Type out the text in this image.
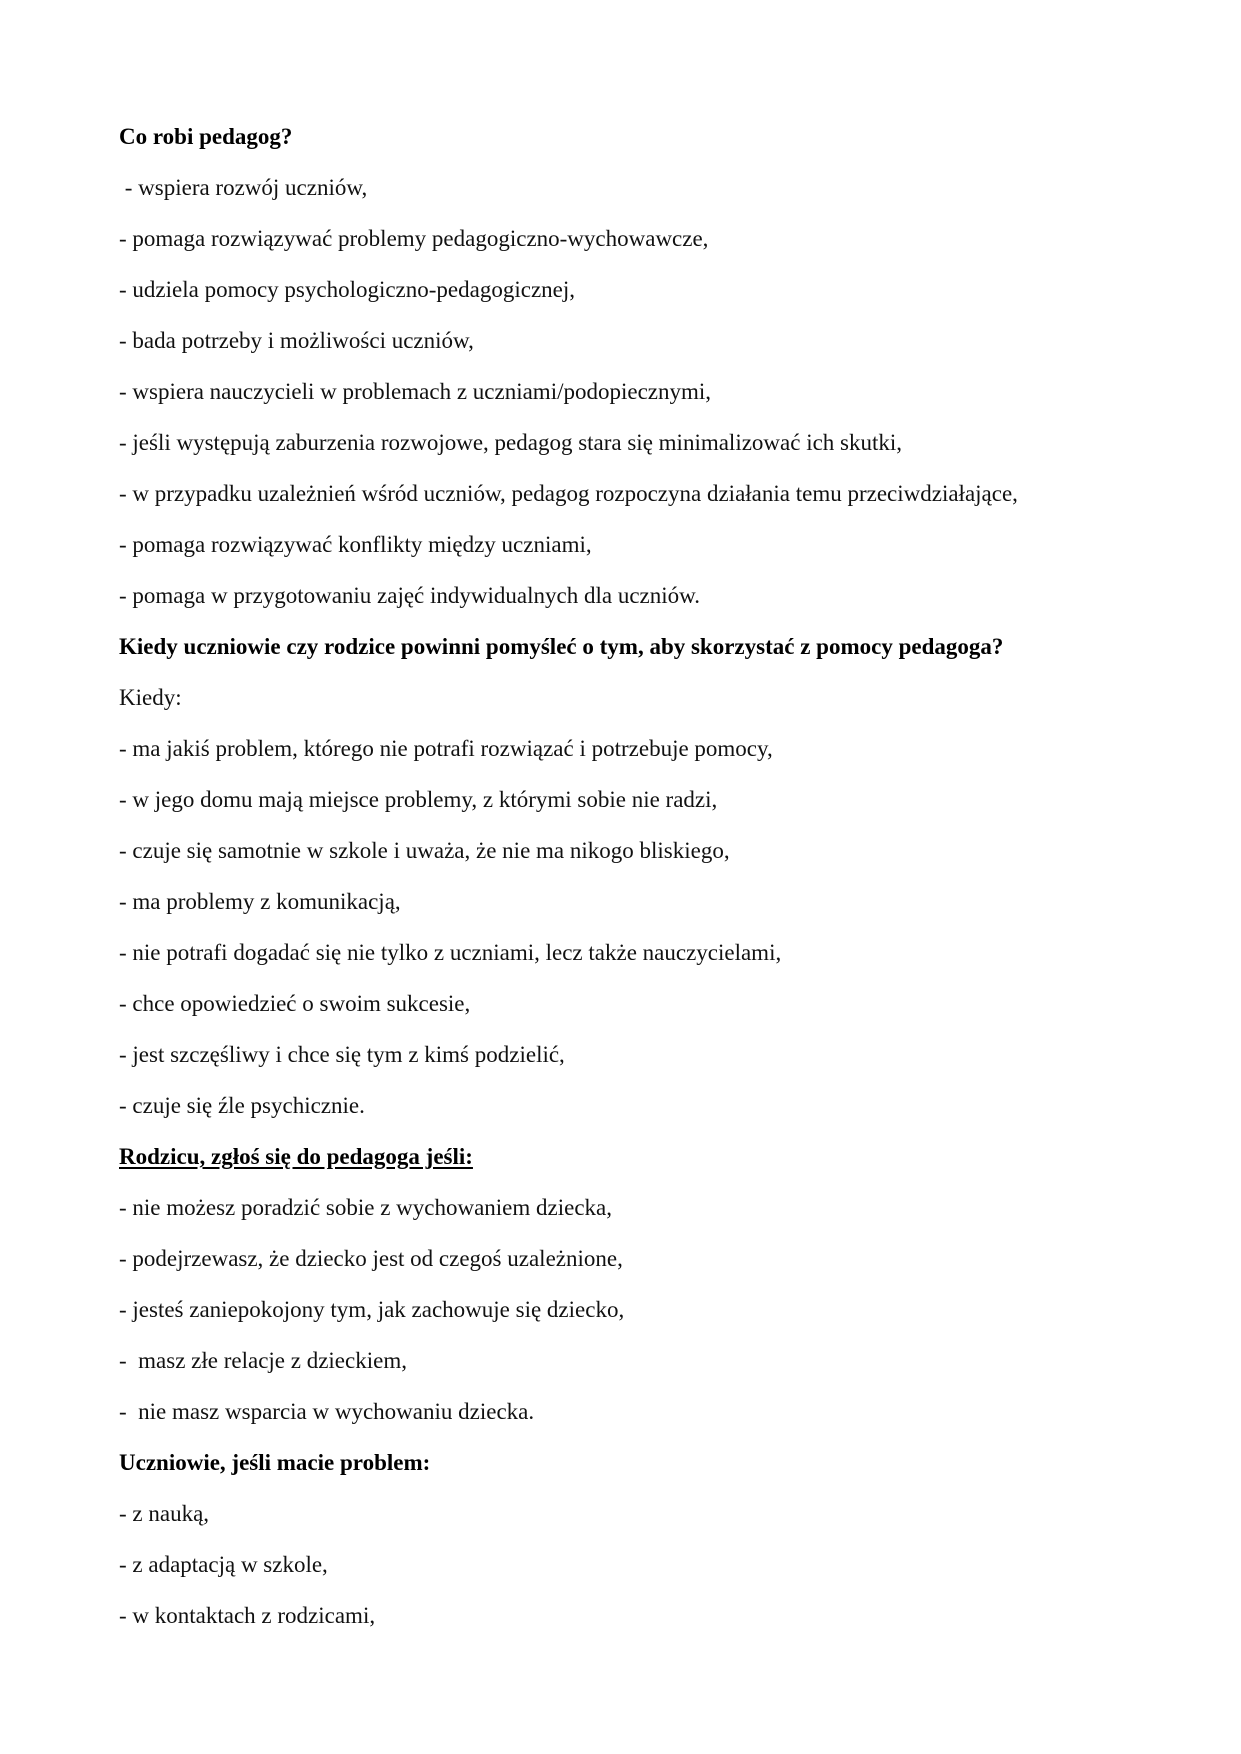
Co robi pedagog?
- wspiera rozwój uczniów,
- pomaga rozwiązywać problemy pedagogiczno-wychowawcze,
- udziela pomocy psychologiczno-pedagogicznej,
- bada potrzeby i możliwości uczniów,
- wspiera nauczycieli w problemach z uczniami/podopiecznymi,
- jeśli występują zaburzenia rozwojowe, pedagog stara się minimalizować ich skutki,
- w przypadku uzależnień wśród uczniów, pedagog rozpoczyna działania temu przeciwdziałające,
- pomaga rozwiązywać konflikty między uczniami,
- pomaga w przygotowaniu zajęć indywidualnych dla uczniów.
Kiedy uczniowie czy rodzice powinni pomyśleć o tym, aby skorzystać z pomocy pedagoga?
Kiedy:
- ma jakiś problem, którego nie potrafi rozwiązać i potrzebuje pomocy,
- w jego domu mają miejsce problemy, z którymi sobie nie radzi,
- czuje się samotnie w szkole i uważa, że nie ma nikogo bliskiego,
- ma problemy z komunikacją,
- nie potrafi dogadać się nie tylko z uczniami, lecz także nauczycielami,
- chce opowiedzieć o swoim sukcesie,
- jest szczęśliwy i chce się tym z kimś podzielić,
- czuje się źle psychicznie.
Rodzicu, zgłoś się do pedagoga jeśli:
- nie możesz poradzić sobie z wychowaniem dziecka,
- podejrzewasz, że dziecko jest od czegoś uzależnione,
- jesteś zaniepokojony tym, jak zachowuje się dziecko,
-  masz złe relacje z dzieckiem,
-  nie masz wsparcia w wychowaniu dziecka.
Uczniowie, jeśli macie problem:
- z nauką,
- z adaptacją w szkole,
- w kontaktach z rodzicami,
